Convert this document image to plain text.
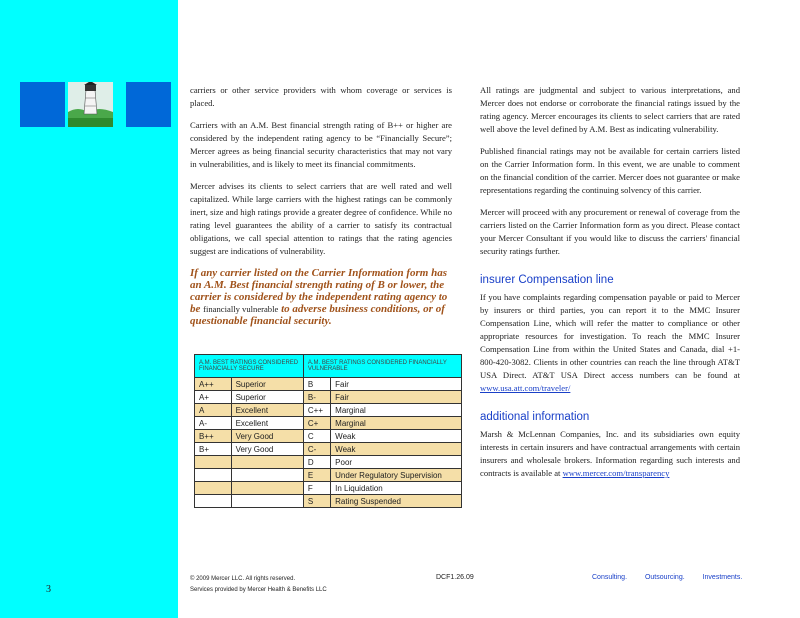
3

carriers or other service providers with whom coverage or services is placed.

Carriers with an A.M. Best financial strength rating of B++ or higher are considered by the independent rating agency to be “Financially Secure”; Mercer agrees as being financial security characteristics that may not vary in vulnerabilities, and is likely to meet its financial commitments.

Mercer advises its clients to select carriers that are well rated and well capitalized. While large carriers with the highest ratings can be commonly inert, size and high ratings provide a greater degree of confidence. While no rating level guarantees the ability of a carrier to satisfy its contractual obligations, we call special attention to ratings that the rating agencies suggest are indications of vulnerability.

If any carrier listed on the Carrier Information form has an A.M. Best financial strength rating of B or lower, the carrier is considered by the independent rating agency to be financially vulnerable to adverse business conditions, or of questionable financial security.
A.M. BEST RATINGS CONSIDERED FINANCIALLY SECURE		A.M. BEST RATINGS CONSIDERED FINANCIALLY VULNERABLE	
A++	Superior	B	Fair
A+	Superior	B-	Fair
A	Excellent	C++	Marginal
A-	Excellent	C+	Marginal
B++	Very Good	C	Weak
B+	Very Good	C-	Weak
		D	Poor
		E	Under Regulatory Supervision
		F	In Liquidation
		S	Rating Suspended

All ratings are judgmental and subject to various interpretations, and Mercer does not endorse or corroborate the financial ratings issued by the rating agency. Mercer encourages its clients to select carriers that are rated well above the level defined by A.M. Best as indicating vulnerability.

Published financial ratings may not be available for certain carriers listed on the Carrier Information form. In this event, we are unable to comment on the financial condition of the carrier. Mercer does not guarantee or make representations regarding the continuing solvency of this carrier.

Mercer will proceed with any procurement or renewal of coverage from the carriers listed on the Carrier Information form as you direct. Please contact your Mercer Consultant if you would like to discuss the carriers' financial security ratings further.

insurer Compensation line

If you have complaints regarding compensation payable or paid to Mercer by insurers or third parties, you can report it to the MMC Insurer Compensation Line, which will refer the matter to compliance or other appropriate resources for investigation. To reach the MMC Insurer Compensation Line from within the United States and Canada, dial +1-800-420-3082. Clients in other countries can reach the line through AT&T USA Direct. AT&T USA Direct access numbers can be found at www.usa.att.com/traveler/

additional information

Marsh & McLennan Companies, Inc. and its subsidiaries own equity interests in certain insurers and have contractual arrangements with certain insurers and wholesale brokers. Information regarding such interests and contracts is available at www.mercer.com/transparency

© 2009 Mercer LLC. All rights reserved.
Services provided by Mercer Health & Benefits LLC
DCF1.26.09	Consulting. Outsourcing. Investments.
